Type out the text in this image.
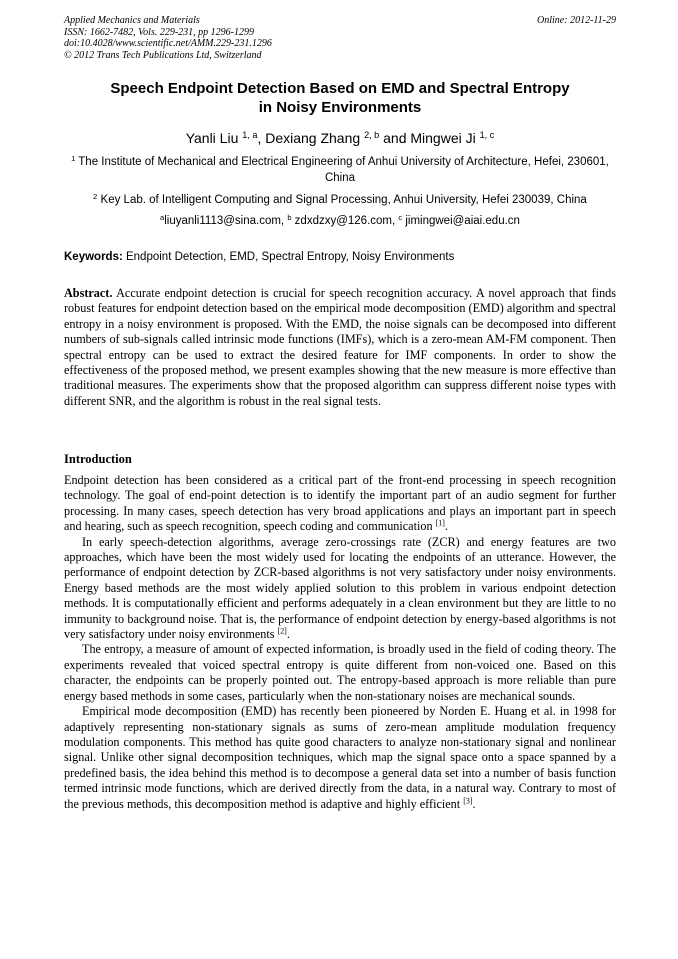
Applied Mechanics and Materials
ISSN: 1662-7482, Vols. 229-231, pp 1296-1299
doi:10.4028/www.scientific.net/AMM.229-231.1296
© 2012 Trans Tech Publications Ltd, Switzerland
Online: 2012-11-29
Speech Endpoint Detection Based on EMD and Spectral Entropy
in Noisy Environments
Yanli Liu $^{1, a}$, Dexiang Zhang $^{2, b}$ and Mingwei Ji $^{1, c}$
$^1$ The Institute of Mechanical and Electrical Engineering of Anhui University of Architecture, Hefei, 230601, China
$^2$ Key Lab. of Intelligent Computing and Signal Processing, Anhui University, Hefei 230039, China
$^a$liuyanli1113@sina.com, $^b$ zdxdzxy@126.com, $^c$ jimingwei@aiai.edu.cn
Keywords: Endpoint Detection, EMD, Spectral Entropy, Noisy Environments
Abstract. Accurate endpoint detection is crucial for speech recognition accuracy. A novel approach that finds robust features for endpoint detection based on the empirical mode decomposition (EMD) algorithm and spectral entropy in a noisy environment is proposed. With the EMD, the noise signals can be decomposed into different numbers of sub-signals called intrinsic mode functions (IMFs), which is a zero-mean AM-FM component. Then spectral entropy can be used to extract the desired feature for IMF components. In order to show the effectiveness of the proposed method, we present examples showing that the new measure is more effective than traditional measures. The experiments show that the proposed algorithm can suppress different noise types with different SNR, and the algorithm is robust in the real signal tests.
Introduction

Endpoint detection has been considered as a critical part of the front-end processing in speech recognition technology. The goal of end-point detection is to identify the important part of an audio segment for further processing. In many cases, speech detection has very broad applications and plays an important part in speech and hearing, such as speech recognition, speech coding and communication [1].

In early speech-detection algorithms, average zero-crossings rate (ZCR) and energy features are two approaches, which have been the most widely used for locating the endpoints of an utterance. However, the performance of endpoint detection by ZCR-based algorithms is not very satisfactory under noisy environments. Energy based methods are the most widely applied solution to this problem in various endpoint detection methods. It is computationally efficient and performs adequately in a clean environment but they are little to no immunity to background noise. That is, the performance of endpoint detection by energy-based algorithms is not very satisfactory under noisy environments [2].

The entropy, a measure of amount of expected information, is broadly used in the field of coding theory. The experiments revealed that voiced spectral entropy is quite different from non-voiced one. Based on this character, the endpoints can be properly pointed out. The entropy-based approach is more reliable than pure energy based methods in some cases, particularly when the non-stationary noises are mechanical sounds.

Empirical mode decomposition (EMD) has recently been pioneered by Norden E. Huang et al. in 1998 for adaptively representing non-stationary signals as sums of zero-mean amplitude modulation frequency modulation components. This method has quite good characters to analyze non-stationary signal and nonlinear signal. Unlike other signal decomposition techniques, which map the signal space onto a space spanned by a predefined basis, the idea behind this method is to decompose a general data set into a number of basis function termed intrinsic mode functions, which are derived directly from the data, in a natural way. Contrary to most of the previous methods, this decomposition method is adaptive and highly efficient [3].
